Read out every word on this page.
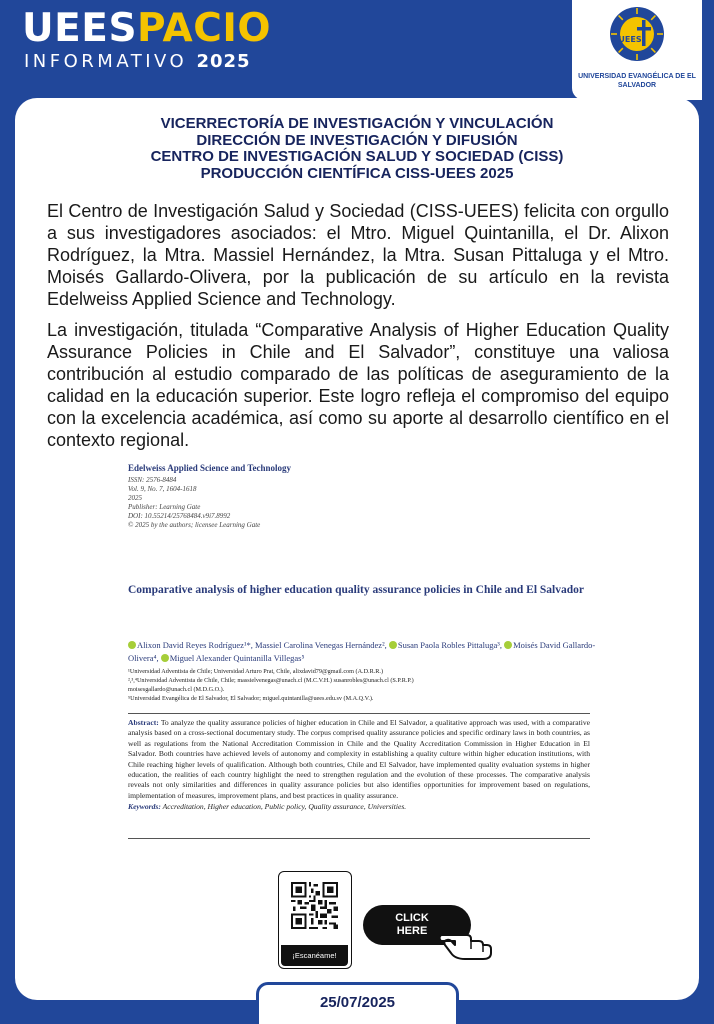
UEESPACIO
INFORMATIVO 2025
UEES
UNIVERSIDAD EVANGÉLICA DE EL SALVADOR
VICERRECTORÍA DE INVESTIGACIÓN Y VINCULACIÓN
DIRECCIÓN DE INVESTIGACIÓN Y DIFUSIÓN
CENTRO DE INVESTIGACIÓN SALUD Y SOCIEDAD (CISS)
PRODUCCIÓN CIENTÍFICA CISS-UEES 2025

El Centro de Investigación Salud y Sociedad (CISS-UEES) felicita con orgullo a sus investigadores asociados: el Mtro. Miguel Quintanilla, el Dr. Alixon Rodríguez, la Mtra. Massiel Hernández, la Mtra. Susan Pittaluga y el Mtro. Moisés Gallardo-Olivera, por la publicación de su artículo en la revista Edelweiss Applied Science and Technology.

La investigación, titulada “Comparative Analysis of Higher Education Quality Assurance Policies in Chile and El Salvador”, constituye una valiosa contribución al estudio comparado de las políticas de aseguramiento de la calidad en la educación superior. Este logro refleja el compromiso del equipo con la excelencia académica, así como su aporte al desarrollo científico en el contexto regional.

Edelweiss Applied Science and Technology
ISSN: 2576-8484
Vol. 9, No. 7, 1604-1618
2025
Publisher: Learning Gate
DOI: 10.55214/25768484.v9i7.8992
© 2025 by the authors; licensee Learning Gate
Comparative analysis of higher education quality assurance policies in Chile and El Salvador
Alixon David Reyes Rodríguez¹*, Massiel Carolina Venegas Hernández², Susan Paola Robles Pittaluga³, Moisés David Gallardo-Olivera⁴, Miguel Alexander Quintanilla Villegas⁵
¹Universidad Adventista de Chile; Universidad Arturo Prat, Chile, alixdavid79@gmail.com (A.D.R.R.)
²,³,⁴Universidad Adventista de Chile, Chile; massielvenegas@unach.cl (M.C.V.H.) susanrobles@unach.cl (S.P.R.P.)
moisesgallardo@unach.cl (M.D.G.O.).
⁵Universidad Evangélica de El Salvador, El Salvador; miguel.quintanilla@uees.edu.sv (M.A.Q.V.).
Abstract: To analyze the quality assurance policies of higher education in Chile and El Salvador, a qualitative approach was used, with a comparative analysis based on a cross-sectional documentary study. The corpus comprised quality assurance policies and specific ordinary laws in both countries, as well as regulations from the National Accreditation Commission in Chile and the Quality Accreditation Commission in Higher Education in El Salvador. Both countries have achieved levels of autonomy and complexity in establishing a quality culture within higher education institutions, with Chile reaching higher levels of qualification. Although both countries, Chile and El Salvador, have implemented quality evaluation systems in higher education, the realities of each country highlight the need to strengthen regulation and the evolution of these processes. The comparative analysis reveals not only similarities and differences in quality assurance policies but also identifies opportunities for improvement based on regulations, implementation of measures, improvement plans, and best practices in quality assurance.
Keywords: Accreditation, Higher education, Public policy, Quality assurance, Universities.
¡Escanéame!
CLICK
HERE
25/07/2025
